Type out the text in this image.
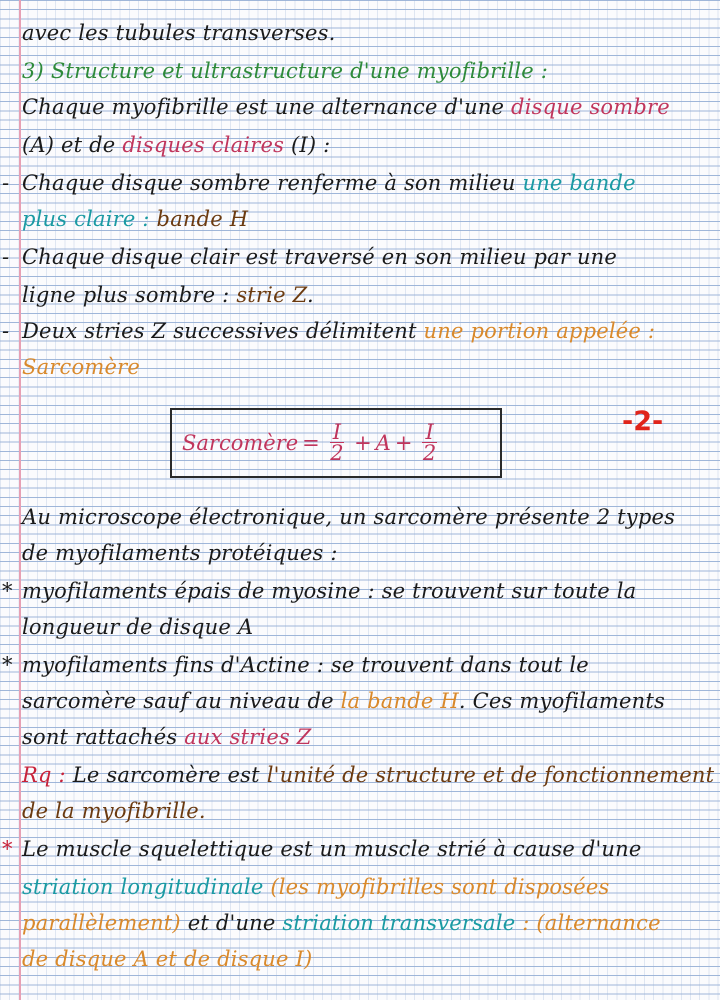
avec les tubules transverses.
3) Structure et ultrastructure d'une myofibrille :
Chaque myofibrille est une alternance d'une disque sombre
(A) et de disques claires (I) :
- Chaque disque sombre renferme à son milieu une bande
plus claire : bande H
- Chaque disque clair est traversé en son milieu par une
ligne plus sombre : strie Z.
- Deux stries Z successives délimitent une portion appelée :
Sarcomère
Sarcomère = $\frac{I}{2} + A + \frac{I}{2}$
-2-
Au microscope électronique, un sarcomère présente 2 types
de myofilaments protéiques :
* myofilaments épais de myosine : se trouvent sur toute la
longueur de disque A
* myofilaments fins d'Actine : se trouvent dans tout le
sarcomère sauf au niveau de la bande H. Ces myofilaments
sont rattachés aux stries Z
Rq : Le sarcomère est l'unité de structure et de fonctionnement
de la myofibrille.
* Le muscle squelettique est un muscle strié à cause d'une
striation longitudinale (les myofibrilles sont disposées
parallèlement) et d'une striation transversale : (alternance
de disque A et de disque I)
